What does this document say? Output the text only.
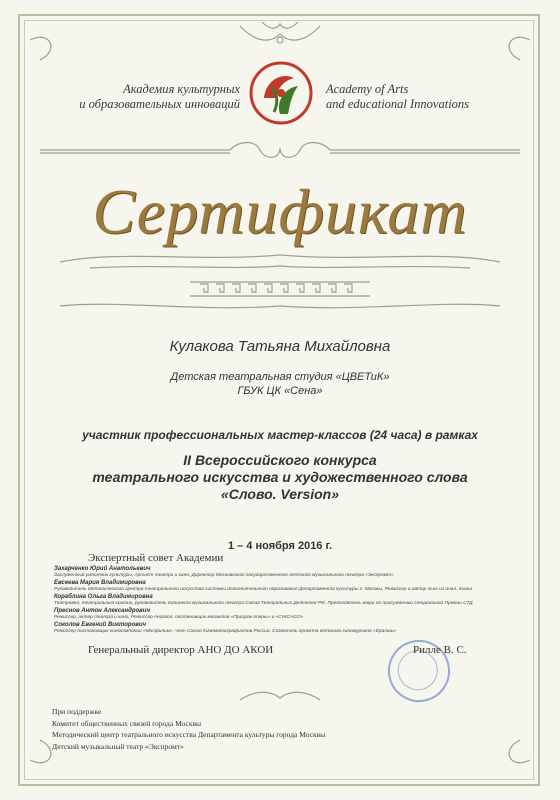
Академия культурных
и образовательных инноваций
Academy of Arts
and educational Innovations
Сертификат
Кулакова Татьяна Михайловна
Детская театральная студия «ЦВЕТиК»
ГБУК ЦК «Сена»
участник профессиональных мастер-классов (24 часа) в рамках
II Всероссийского конкурса
театрального искусства и художественного слова
«Слово. Version»
1 – 4 ноября 2016 г.
Экспертный совет Академии
Захарченко Юрий Анатольевич
Заслуженный работник культуры, Артист театра и кино, Директор Московского государственного детского музыкального театра «Экспромт»
Евсеева Мария Владимировна
Руководитель Методического Центра театрального искусства системы дополнительного образования Департамента культуры г. Москвы, Режиссер и автор пьес из анал. языка
Кораблина Ольга Владимировна
Театровед, театральный критик, руководитель Кабинета музыкального театра Союза Театральных Деятелей РФ, Председатель жюри по присуждению специальной Премии СТД
Преснов Антон Александрович
Режиссер, актер театра и кино, Режиссер-педагог, постановщик мюзиклов «Призрак оперы» и «CHICAGO»
Соколов Евгений Викторович
Режиссер-постановщик кинокомпании «Мосфильм», член Союза Кинематографистов России, Создатель проекта детского киножурнала «Ералаш»
Генеральный директор АНО ДО АКОИ	Рилле В. С.
При поддержке
Комитет общественных связей города Москвы
Методический центр театрального искусства Департамента культуры города Москвы
Детский музыкальный театр «Экспромт»
